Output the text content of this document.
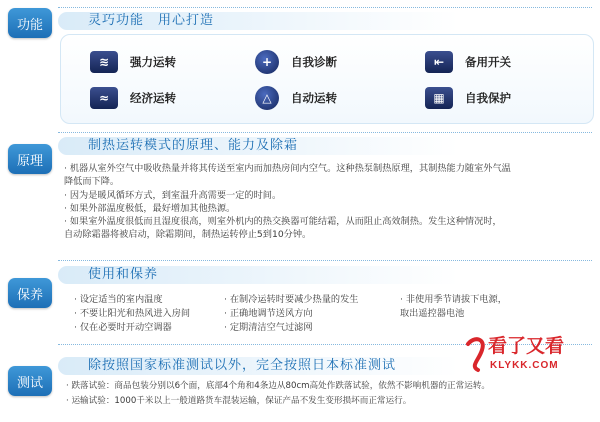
功能	灵巧功能　用心打造
≋	强力运转	+	自我诊断	⇤	备用开关
≈	经济运转	△	自动运转	▦	自我保护
原理
制热运转模式的原理、能力及除霜
· 机器从室外空气中吸收热量并将其传送至室内而加热房间内空气。这种热泵制热原理，其制热能力随室外气温
降低而下降。
· 因为是暖风循环方式，到室温升高需要一定的时间。
· 如果外部温度极低，最好增加其他热源。
· 如果室外温度很低而且湿度很高，则室外机内的热交换器可能结霜，从而阻止高效制热。发生这种情况时，
自动除霜器将被启动，除霜期间，制热运转停止5到10分钟。
保养
使用和保养
· 设定适当的室内温度
· 不要让阳光和热风进入房间
· 仅在必要时开动空调器
· 在制冷运转时要减少热量的发生
· 正确地调节送风方向
· 定期清洁空气过滤网
· 非使用季节请拔下电源，
取出遥控器电池
测试
除按照国家标准测试以外，完全按照日本标准测试
· 跌落试验：商品包装分别以6个面，底部4个角和4条边从80cm高处作跌落试验，依然不影响机器的正常运转。
· 运输试验：1000千米以上一般道路货车混装运输，保证产品不发生变形损坏而正常运行。
看了又看
KLYKK.COM
